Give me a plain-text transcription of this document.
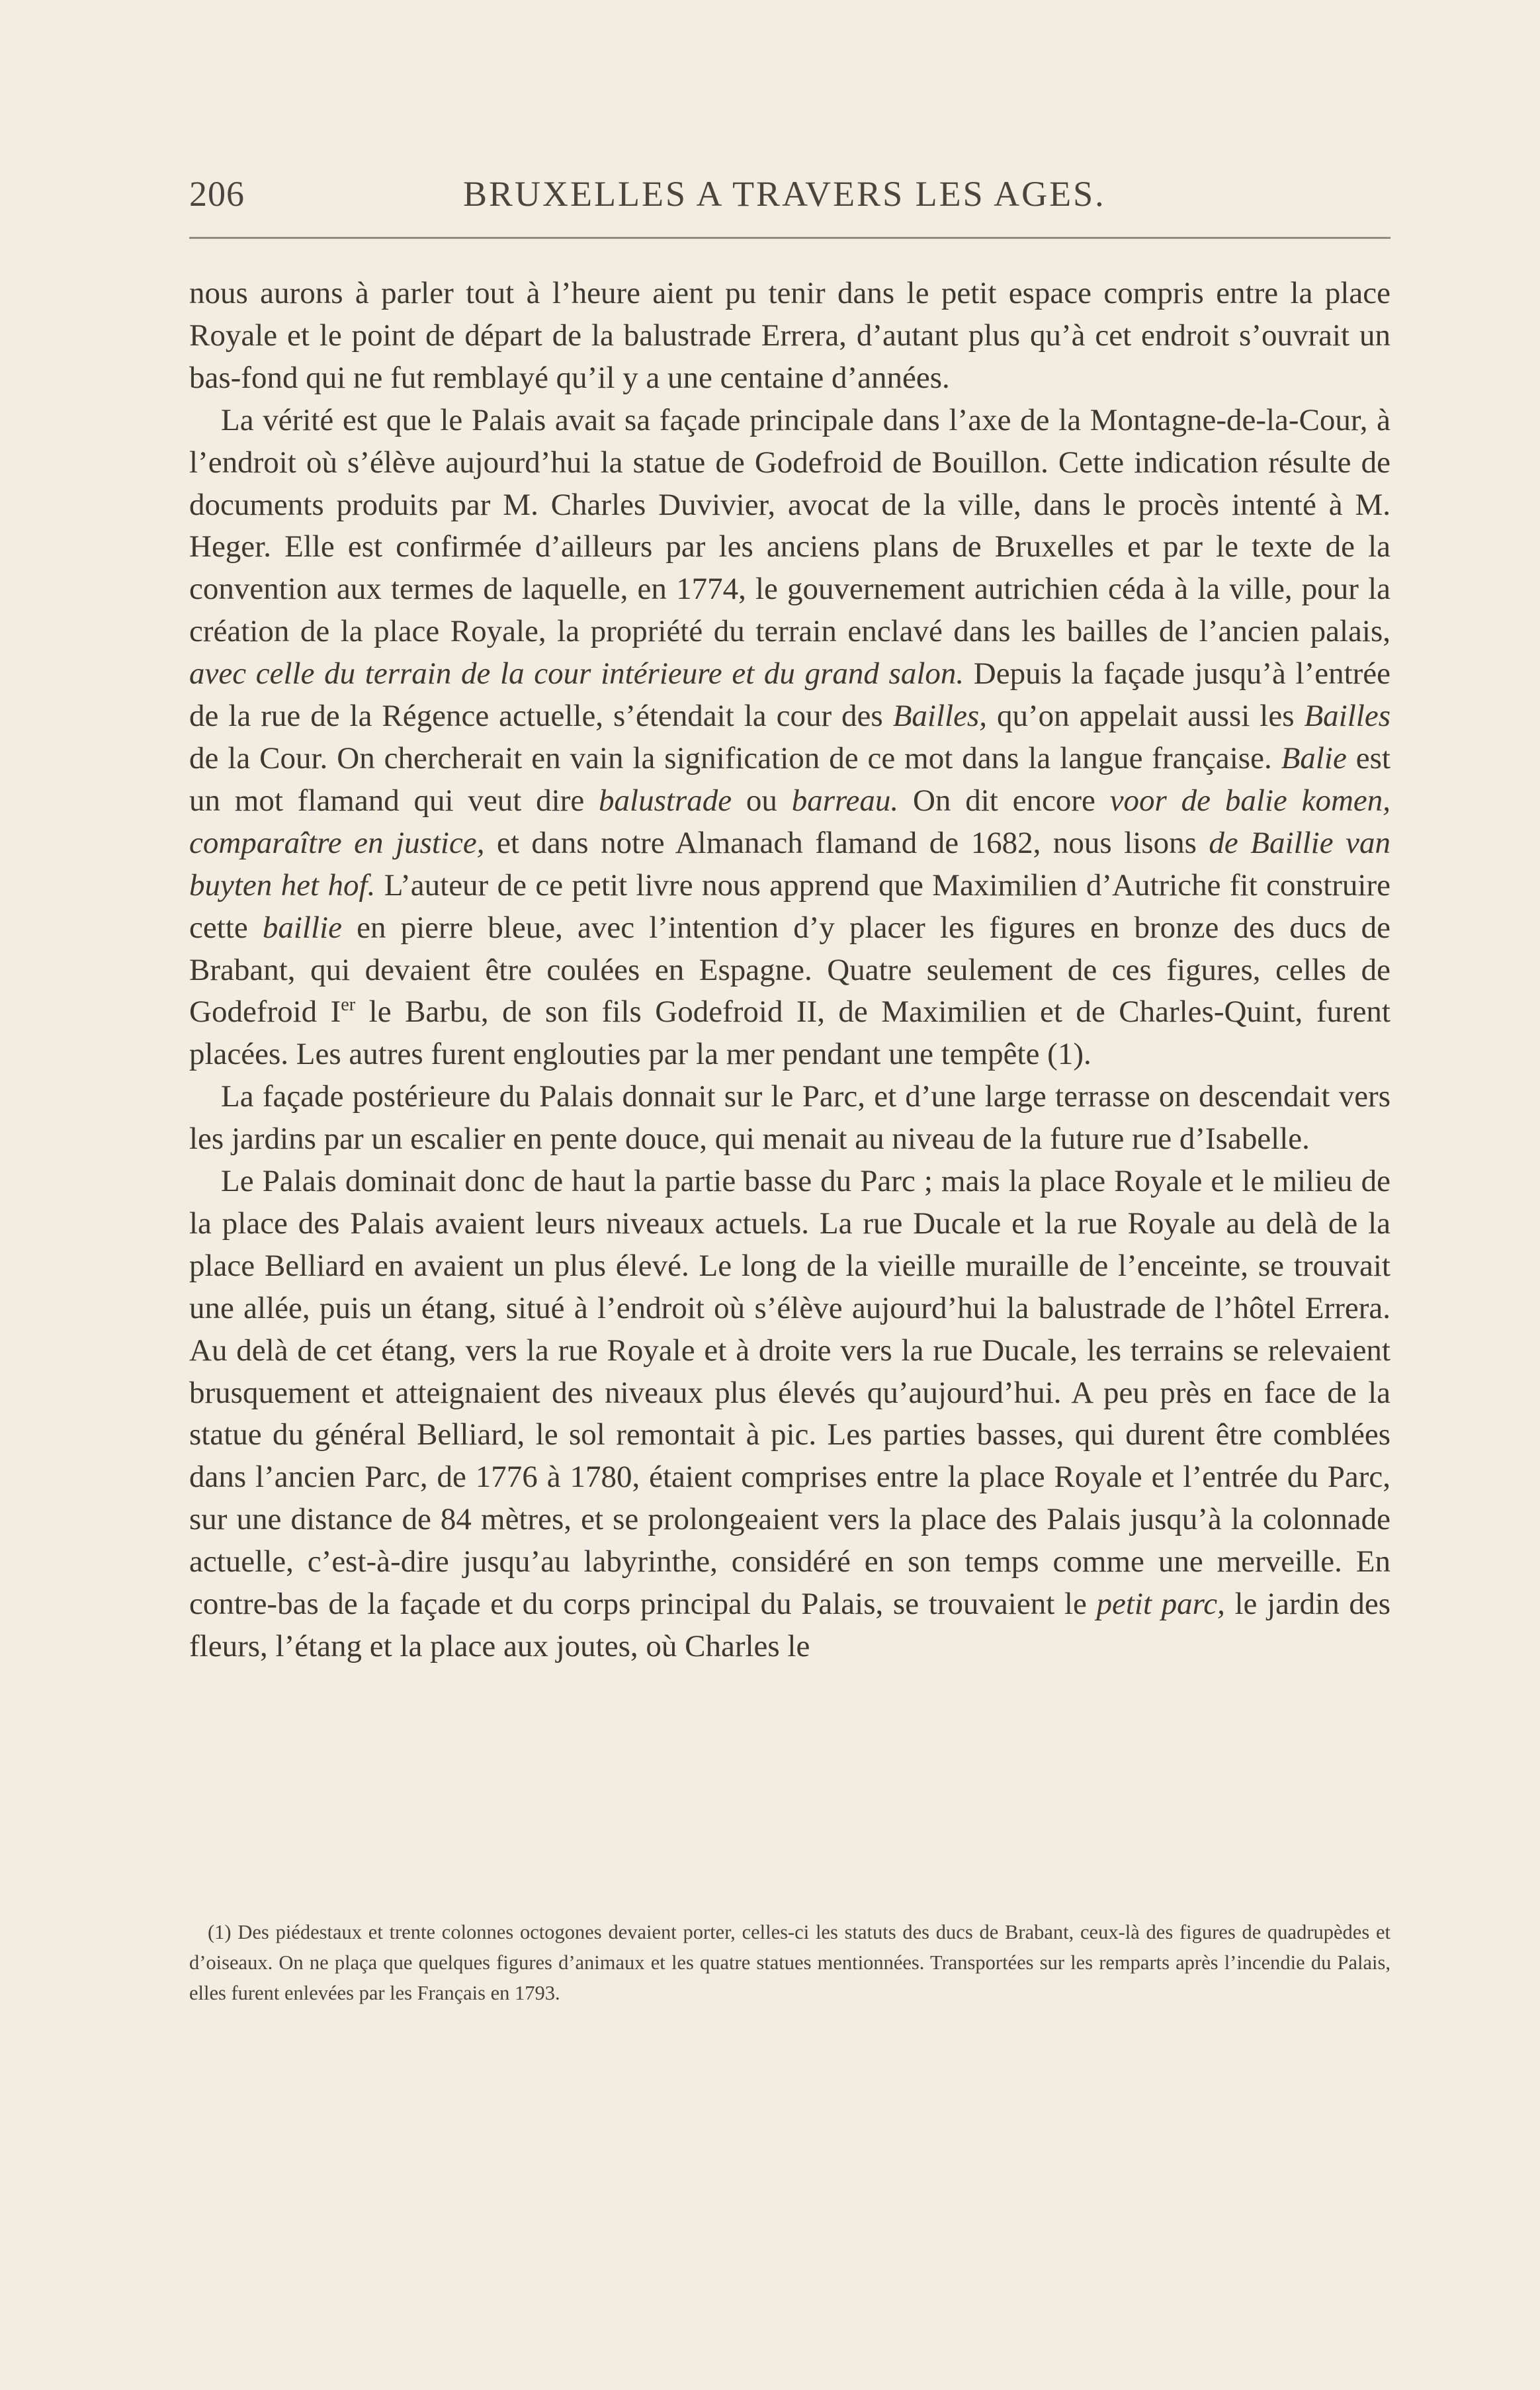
206	BRUXELLES A TRAVERS LES AGES.

nous aurons à parler tout à l’heure aient pu tenir dans le petit espace compris entre la place Royale et le point de départ de la balustrade Errera, d’autant plus qu’à cet endroit s’ouvrait un bas-fond qui ne fut remblayé qu’il y a une centaine d’années.

La vérité est que le Palais avait sa façade principale dans l’axe de la Montagne-de-la-Cour, à l’endroit où s’élève aujourd’hui la statue de Godefroid de Bouillon. Cette indication résulte de documents produits par M. Charles Duvivier, avocat de la ville, dans le procès intenté à M. Heger. Elle est confirmée d’ailleurs par les anciens plans de Bruxelles et par le texte de la convention aux termes de laquelle, en 1774, le gouvernement autrichien céda à la ville, pour la création de la place Royale, la propriété du terrain enclavé dans les bailles de l’ancien palais, avec celle du terrain de la cour intérieure et du grand salon. Depuis la façade jusqu’à l’entrée de la rue de la Régence actuelle, s’étendait la cour des Bailles, qu’on appelait aussi les Bailles de la Cour. On chercherait en vain la signification de ce mot dans la langue française. Balie est un mot flamand qui veut dire balustrade ou barreau. On dit encore voor de balie komen, comparaître en justice, et dans notre Almanach flamand de 1682, nous lisons de Baillie van buyten het hof. L’auteur de ce petit livre nous apprend que Maximilien d’Autriche fit construire cette baillie en pierre bleue, avec l’intention d’y placer les figures en bronze des ducs de Brabant, qui devaient être coulées en Espagne. Quatre seulement de ces figures, celles de Godefroid Ier le Barbu, de son fils Godefroid II, de Maximilien et de Charles-Quint, furent placées. Les autres furent englouties par la mer pendant une tempête (1).

La façade postérieure du Palais donnait sur le Parc, et d’une large terrasse on descendait vers les jardins par un escalier en pente douce, qui menait au niveau de la future rue d’Isabelle.

Le Palais dominait donc de haut la partie basse du Parc ; mais la place Royale et le milieu de la place des Palais avaient leurs niveaux actuels. La rue Ducale et la rue Royale au delà de la place Belliard en avaient un plus élevé. Le long de la vieille muraille de l’enceinte, se trouvait une allée, puis un étang, situé à l’endroit où s’élève aujourd’hui la balustrade de l’hôtel Errera. Au delà de cet étang, vers la rue Royale et à droite vers la rue Ducale, les terrains se relevaient brusquement et atteignaient des niveaux plus élevés qu’aujourd’hui. A peu près en face de la statue du général Belliard, le sol remontait à pic. Les parties basses, qui durent être comblées dans l’ancien Parc, de 1776 à 1780, étaient comprises entre la place Royale et l’entrée du Parc, sur une distance de 84 mètres, et se prolongeaient vers la place des Palais jusqu’à la colonnade actuelle, c’est-à-dire jusqu’au labyrinthe, considéré en son temps comme une merveille. En contre-bas de la façade et du corps principal du Palais, se trouvaient le petit parc, le jardin des fleurs, l’étang et la place aux joutes, où Charles le

(1) Des piédestaux et trente colonnes octogones devaient porter, celles-ci les statuts des ducs de Brabant, ceux-là des figures de quadrupèdes et d’oiseaux. On ne plaça que quelques figures d’animaux et les quatre statues mentionnées. Transportées sur les remparts après l’incendie du Palais, elles furent enlevées par les Français en 1793.
